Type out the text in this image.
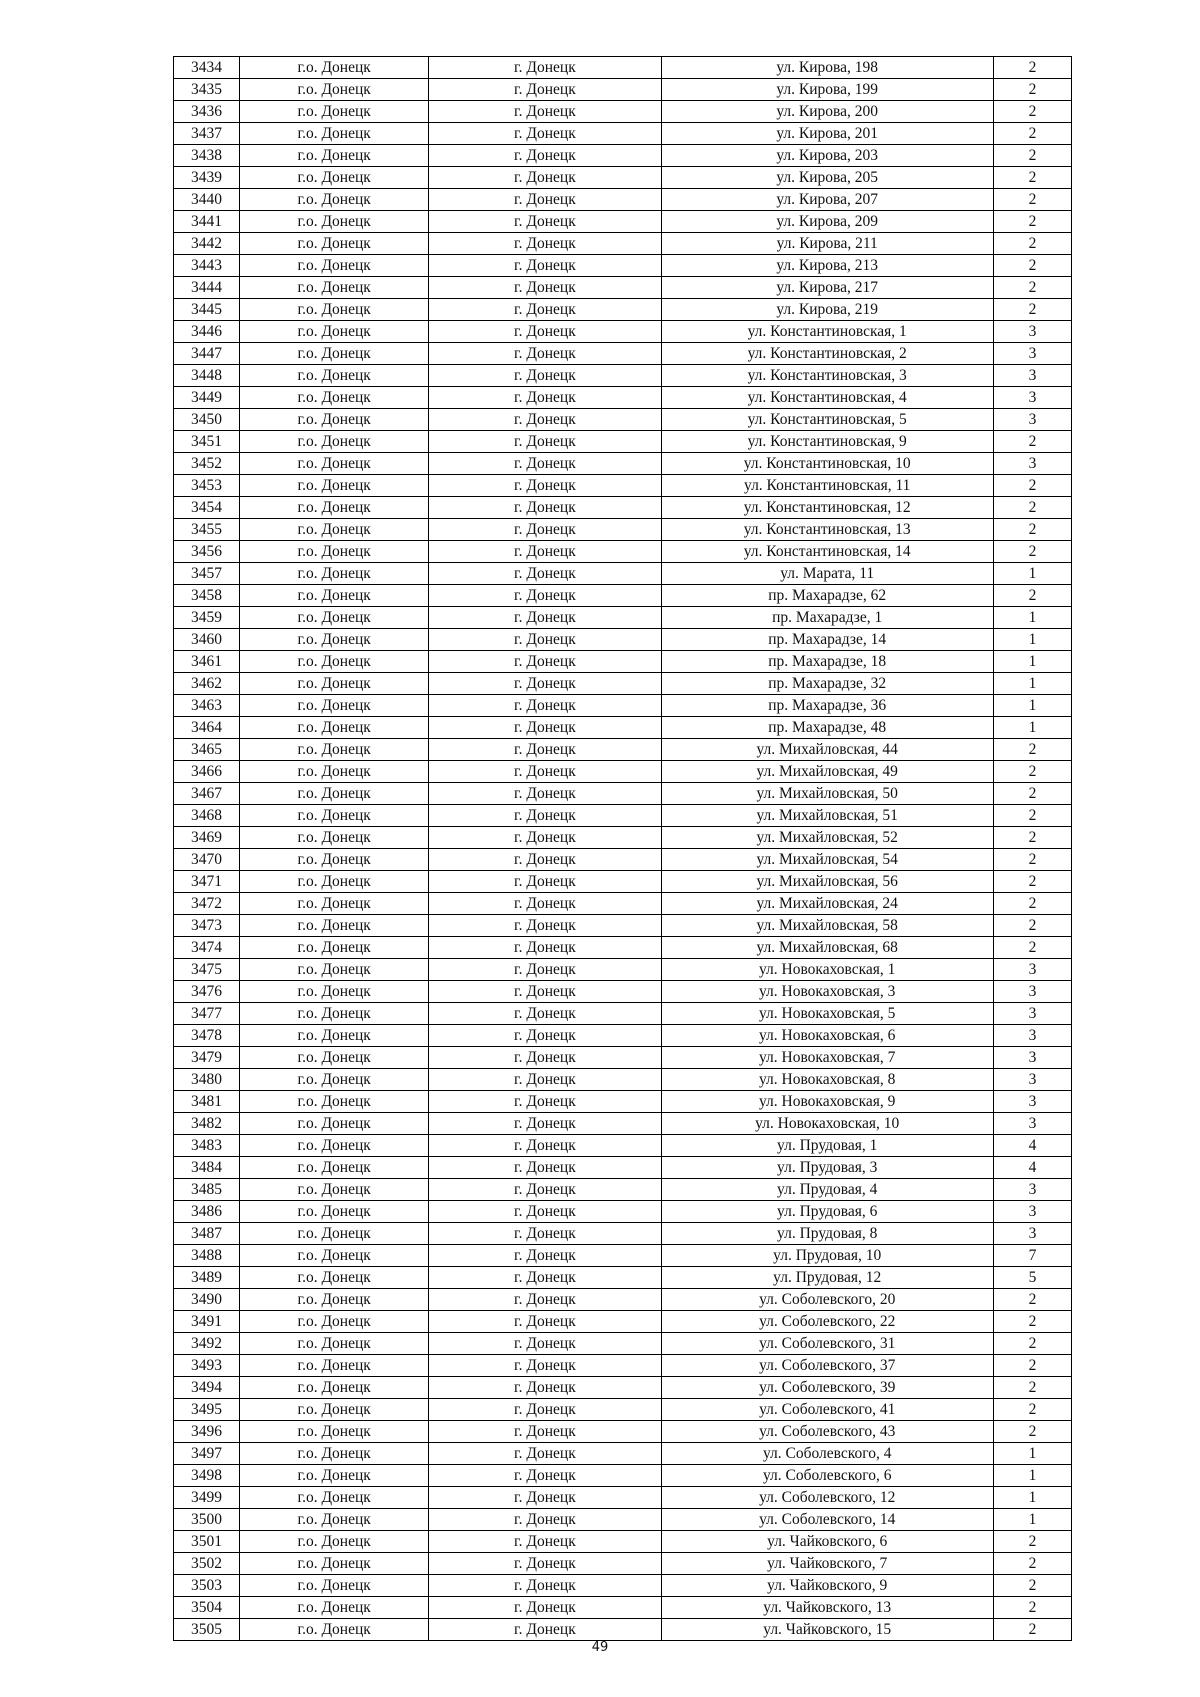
3434	г.о. Донецк	г. Донецк	ул. Кирова, 198	2
3435	г.о. Донецк	г. Донецк	ул. Кирова, 199	2
3436	г.о. Донецк	г. Донецк	ул. Кирова, 200	2
3437	г.о. Донецк	г. Донецк	ул. Кирова, 201	2
3438	г.о. Донецк	г. Донецк	ул. Кирова, 203	2
3439	г.о. Донецк	г. Донецк	ул. Кирова, 205	2
3440	г.о. Донецк	г. Донецк	ул. Кирова, 207	2
3441	г.о. Донецк	г. Донецк	ул. Кирова, 209	2
3442	г.о. Донецк	г. Донецк	ул. Кирова, 211	2
3443	г.о. Донецк	г. Донецк	ул. Кирова, 213	2
3444	г.о. Донецк	г. Донецк	ул. Кирова, 217	2
3445	г.о. Донецк	г. Донецк	ул. Кирова, 219	2
3446	г.о. Донецк	г. Донецк	ул. Константиновская, 1	3
3447	г.о. Донецк	г. Донецк	ул. Константиновская, 2	3
3448	г.о. Донецк	г. Донецк	ул. Константиновская, 3	3
3449	г.о. Донецк	г. Донецк	ул. Константиновская, 4	3
3450	г.о. Донецк	г. Донецк	ул. Константиновская, 5	3
3451	г.о. Донецк	г. Донецк	ул. Константиновская, 9	2
3452	г.о. Донецк	г. Донецк	ул. Константиновская, 10	3
3453	г.о. Донецк	г. Донецк	ул. Константиновская, 11	2
3454	г.о. Донецк	г. Донецк	ул. Константиновская, 12	2
3455	г.о. Донецк	г. Донецк	ул. Константиновская, 13	2
3456	г.о. Донецк	г. Донецк	ул. Константиновская, 14	2
3457	г.о. Донецк	г. Донецк	ул. Марата, 11	1
3458	г.о. Донецк	г. Донецк	пр. Махарадзе, 62	2
3459	г.о. Донецк	г. Донецк	пр. Махарадзе, 1	1
3460	г.о. Донецк	г. Донецк	пр. Махарадзе, 14	1
3461	г.о. Донецк	г. Донецк	пр. Махарадзе, 18	1
3462	г.о. Донецк	г. Донецк	пр. Махарадзе, 32	1
3463	г.о. Донецк	г. Донецк	пр. Махарадзе, 36	1
3464	г.о. Донецк	г. Донецк	пр. Махарадзе, 48	1
3465	г.о. Донецк	г. Донецк	ул. Михайловская, 44	2
3466	г.о. Донецк	г. Донецк	ул. Михайловская, 49	2
3467	г.о. Донецк	г. Донецк	ул. Михайловская, 50	2
3468	г.о. Донецк	г. Донецк	ул. Михайловская, 51	2
3469	г.о. Донецк	г. Донецк	ул. Михайловская, 52	2
3470	г.о. Донецк	г. Донецк	ул. Михайловская, 54	2
3471	г.о. Донецк	г. Донецк	ул. Михайловская, 56	2
3472	г.о. Донецк	г. Донецк	ул. Михайловская, 24	2
3473	г.о. Донецк	г. Донецк	ул. Михайловская, 58	2
3474	г.о. Донецк	г. Донецк	ул. Михайловская, 68	2
3475	г.о. Донецк	г. Донецк	ул. Новокаховская, 1	3
3476	г.о. Донецк	г. Донецк	ул. Новокаховская, 3	3
3477	г.о. Донецк	г. Донецк	ул. Новокаховская, 5	3
3478	г.о. Донецк	г. Донецк	ул. Новокаховская, 6	3
3479	г.о. Донецк	г. Донецк	ул. Новокаховская, 7	3
3480	г.о. Донецк	г. Донецк	ул. Новокаховская, 8	3
3481	г.о. Донецк	г. Донецк	ул. Новокаховская, 9	3
3482	г.о. Донецк	г. Донецк	ул. Новокаховская, 10	3
3483	г.о. Донецк	г. Донецк	ул. Прудовая, 1	4
3484	г.о. Донецк	г. Донецк	ул. Прудовая, 3	4
3485	г.о. Донецк	г. Донецк	ул. Прудовая, 4	3
3486	г.о. Донецк	г. Донецк	ул. Прудовая, 6	3
3487	г.о. Донецк	г. Донецк	ул. Прудовая, 8	3
3488	г.о. Донецк	г. Донецк	ул. Прудовая, 10	7
3489	г.о. Донецк	г. Донецк	ул. Прудовая, 12	5
3490	г.о. Донецк	г. Донецк	ул. Соболевского, 20	2
3491	г.о. Донецк	г. Донецк	ул. Соболевского, 22	2
3492	г.о. Донецк	г. Донецк	ул. Соболевского, 31	2
3493	г.о. Донецк	г. Донецк	ул. Соболевского, 37	2
3494	г.о. Донецк	г. Донецк	ул. Соболевского, 39	2
3495	г.о. Донецк	г. Донецк	ул. Соболевского, 41	2
3496	г.о. Донецк	г. Донецк	ул. Соболевского, 43	2
3497	г.о. Донецк	г. Донецк	ул. Соболевского, 4	1
3498	г.о. Донецк	г. Донецк	ул. Соболевского, 6	1
3499	г.о. Донецк	г. Донецк	ул. Соболевского, 12	1
3500	г.о. Донецк	г. Донецк	ул. Соболевского, 14	1
3501	г.о. Донецк	г. Донецк	ул. Чайковского, 6	2
3502	г.о. Донецк	г. Донецк	ул. Чайковского, 7	2
3503	г.о. Донецк	г. Донецк	ул. Чайковского, 9	2
3504	г.о. Донецк	г. Донецк	ул. Чайковского, 13	2
3505	г.о. Донецк	г. Донецк	ул. Чайковского, 15	2
49
